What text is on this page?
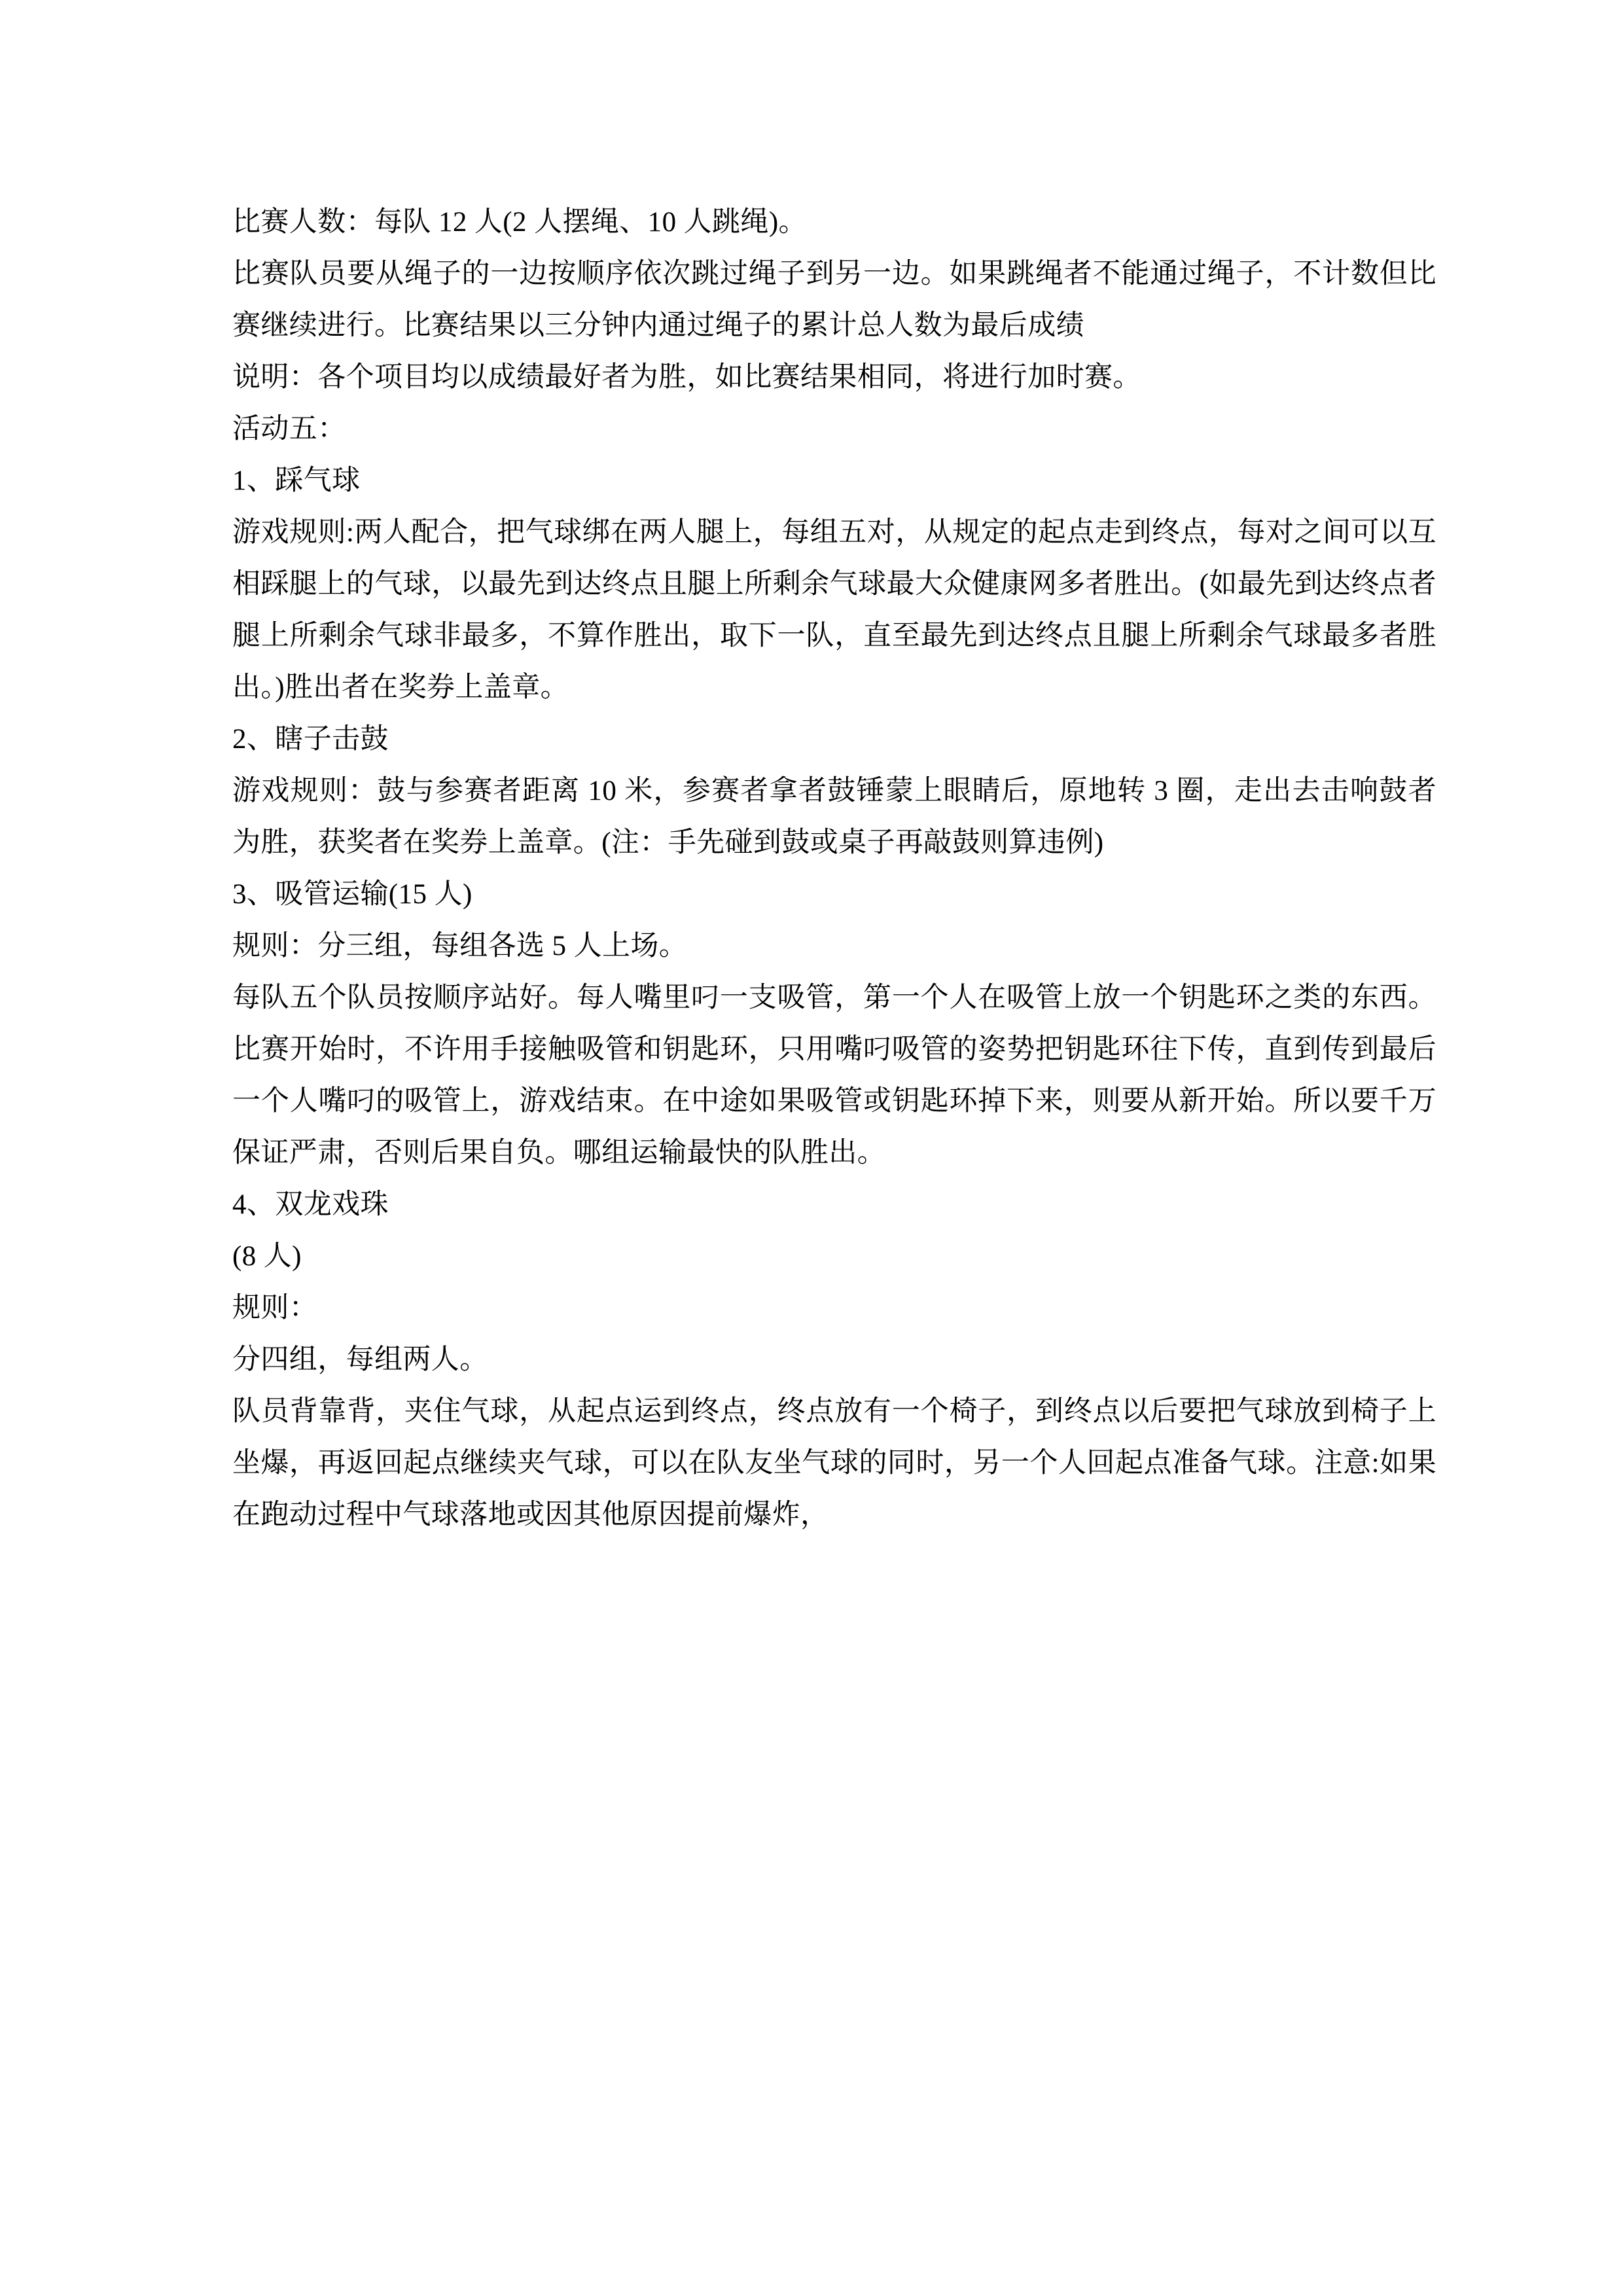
比赛人数：每队 12 人(2 人摆绳、10 人跳绳)。

比赛队员要从绳子的一边按顺序依次跳过绳子到另一边。如果跳绳者不能通过绳子，不计数但比赛继续进行。比赛结果以三分钟内通过绳子的累计总人数为最后成绩

说明：各个项目均以成绩最好者为胜，如比赛结果相同，将进行加时赛。

活动五：

1、踩气球

游戏规则:两人配合，把气球绑在两人腿上，每组五对，从规定的起点走到终点，每对之间可以互相踩腿上的气球，以最先到达终点且腿上所剩余气球最大众健康网多者胜出。(如最先到达终点者腿上所剩余气球非最多，不算作胜出，取下一队，直至最先到达终点且腿上所剩余气球最多者胜出。)胜出者在奖券上盖章。

2、瞎子击鼓

游戏规则：鼓与参赛者距离 10 米，参赛者拿者鼓锤蒙上眼睛后，原地转 3 圈，走出去击响鼓者为胜，获奖者在奖券上盖章。(注：手先碰到鼓或桌子再敲鼓则算违例)

3、吸管运输(15 人)

规则：分三组，每组各选 5 人上场。

每队五个队员按顺序站好。每人嘴里叼一支吸管，第一个人在吸管上放一个钥匙环之类的东西。比赛开始时，不许用手接触吸管和钥匙环，只用嘴叼吸管的姿势把钥匙环往下传，直到传到最后一个人嘴叼的吸管上，游戏结束。在中途如果吸管或钥匙环掉下来，则要从新开始。所以要千万保证严肃，否则后果自负。哪组运输最快的队胜出。

4、双龙戏珠

(8 人)

规则：

分四组，每组两人。

队员背靠背，夹住气球，从起点运到终点，终点放有一个椅子，到终点以后要把气球放到椅子上坐爆，再返回起点继续夹气球，可以在队友坐气球的同时，另一个人回起点准备气球。注意:如果在跑动过程中气球落地或因其他原因提前爆炸，
